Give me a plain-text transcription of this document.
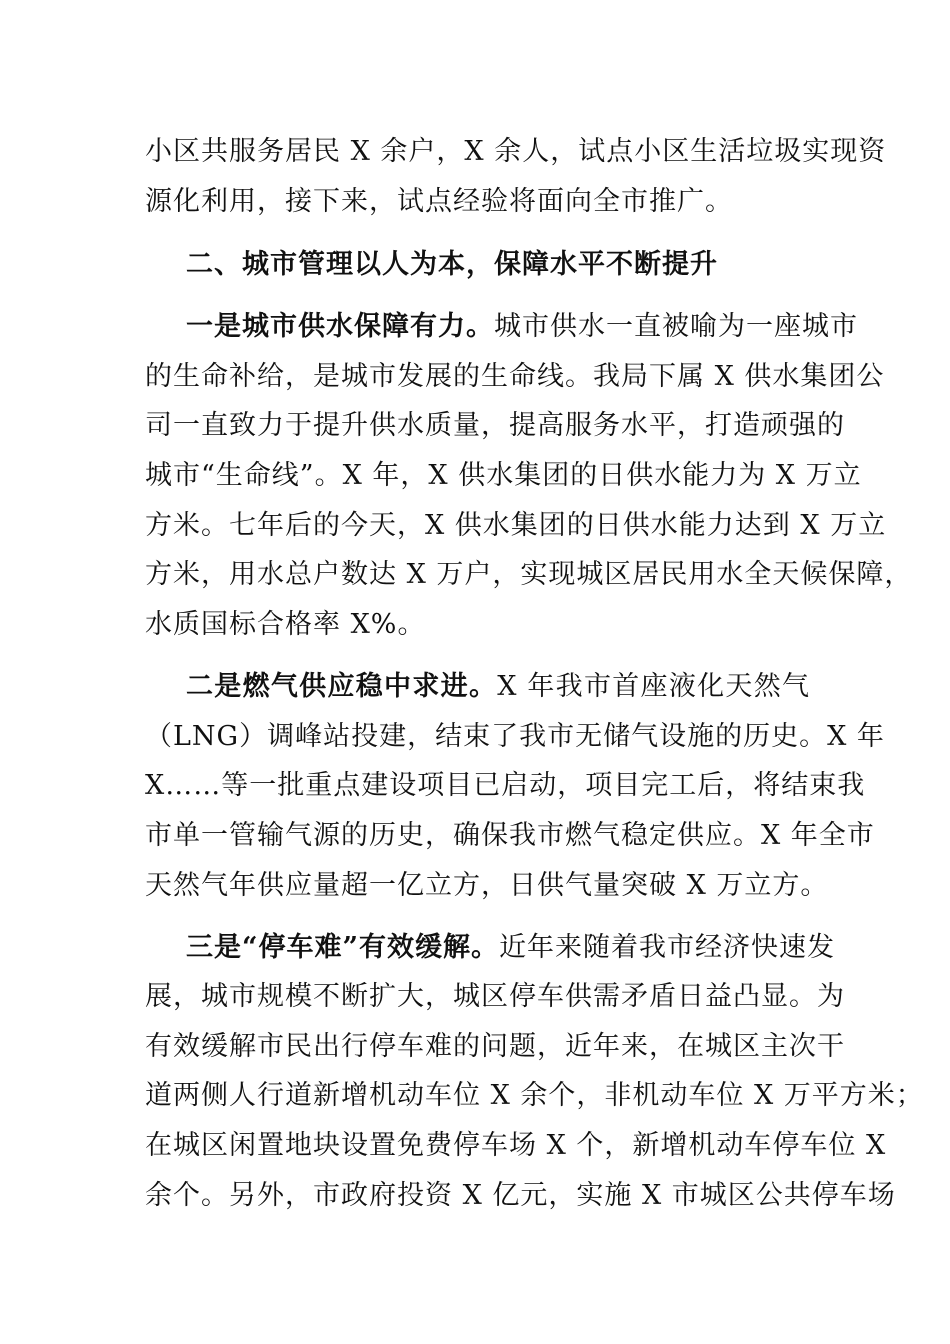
小区共服务居民 X 余户，X 余人，试点小区生活垃圾实现资
源化利用，接下来，试点经验将面向全市推广。
二、城市管理以人为本，保障水平不断提升
一是城市供水保障有力。城市供水一直被喻为一座城市
的生命补给，是城市发展的生命线。我局下属 X 供水集团公
司一直致力于提升供水质量，提高服务水平，打造顽强的
城市“生命线”。X 年，X 供水集团的日供水能力为 X 万立
方米。七年后的今天，X 供水集团的日供水能力达到 X 万立
方米，用水总户数达 X 万户，实现城区居民用水全天候保障，
水质国标合格率 X%。
二是燃气供应稳中求进。X 年我市首座液化天然气
（LNG）调峰站投建，结束了我市无储气设施的历史。X 年
X……等一批重点建设项目已启动，项目完工后，将结束我
市单一管输气源的历史，确保我市燃气稳定供应。X 年全市
天然气年供应量超一亿立方，日供气量突破 X 万立方。
三是“停车难”有效缓解。近年来随着我市经济快速发
展，城市规模不断扩大，城区停车供需矛盾日益凸显。为
有效缓解市民出行停车难的问题，近年来，在城区主次干
道两侧人行道新增机动车位 X 余个，非机动车位 X 万平方米；
在城区闲置地块设置免费停车场 X 个，新增机动车停车位 X
余个。另外，市政府投资 X 亿元，实施 X 市城区公共停车场
